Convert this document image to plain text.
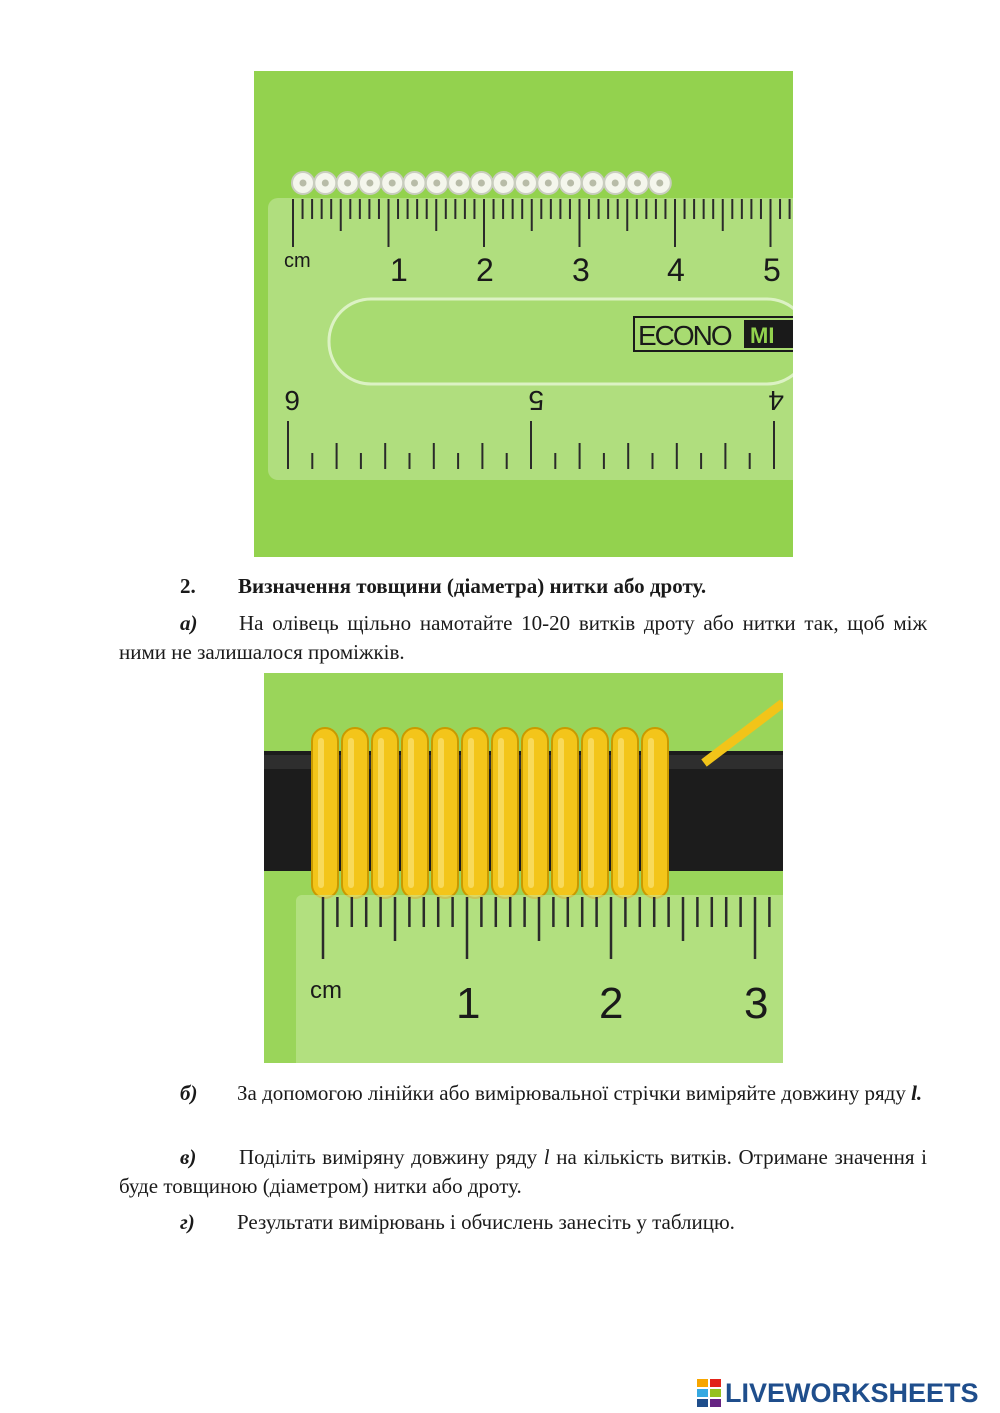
cm 1 2 3 4 5
6	5	4
ECONO MI
2. Визначення товщини (діаметра) нитки або дроту.
а)	На олівець щільно намотайте 10-20 витків дроту або нитки так, щоб між ними не залишалося проміжків.
cm	1	2	3
б)	За допомогою лінійки або вимірювальної стрічки виміряйте довжину ряду l.
в)	Поділіть виміряну довжину ряду l на кількість витків. Отримане значення і буде товщиною (діаметром) нитки або дроту.
г) Результати вимірювань і обчислень занесіть у таблицю.
LIVEWORKSHEETS
